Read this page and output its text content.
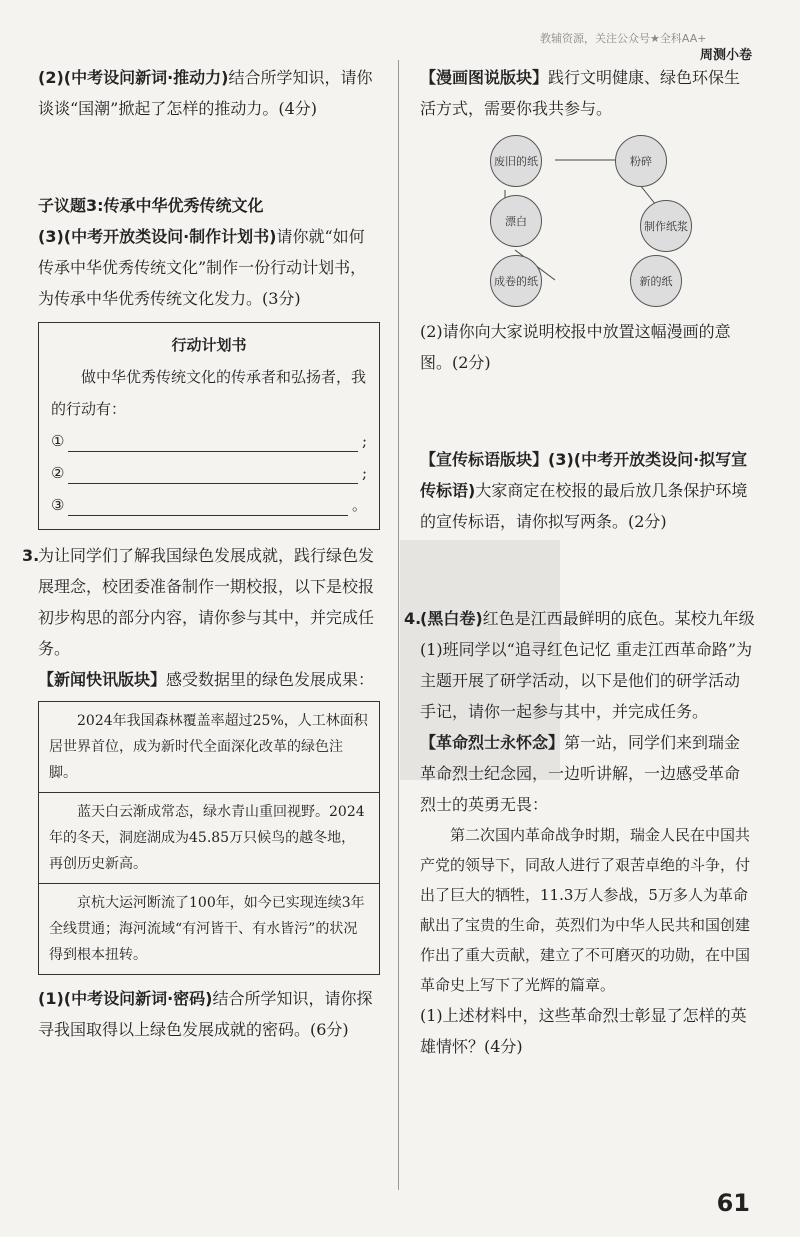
教辅资源，关注公众号★全科AA+
周测小卷

(2)(中考设问新词·推动力)结合所学知识，请你谈谈“国潮”掀起了怎样的推动力。(4分)

子议题3:传承中华优秀传统文化

(3)(中考开放类设问·制作计划书)请你就“如何传承中华优秀传统文化”制作一份行动计划书，为传承中华优秀传统文化发力。(3分)

行动计划书
做中华优秀传统文化的传承者和弘扬者，我的行动有：
①	;
②	;
③	。
3.

为让同学们了解我国绿色发展成就，践行绿色发展理念，校团委准备制作一期校报，以下是校报初步构思的部分内容，请你参与其中，并完成任务。

【新闻快讯版块】感受数据里的绿色发展成果：

2024年我国森林覆盖率超过25%，人工林面积居世界首位，成为新时代全面深化改革的绿色注脚。
蓝天白云渐成常态，绿水青山重回视野。2024年的冬天，洞庭湖成为45.85万只候鸟的越冬地，再创历史新高。
京杭大运河断流了100年，如今已实现连续3年全线贯通；海河流域“有河皆干、有水皆污”的状况得到根本扭转。

(1)(中考设问新词·密码)结合所学知识，请你探寻我国取得以上绿色发展成就的密码。(6分)

【漫画图说版块】践行文明健康、绿色环保生活方式，需要你我共参与。

废旧的纸	粉碎
漂白	制作纸浆
成卷的纸	新的纸

(2)请你向大家说明校报中放置这幅漫画的意图。(2分)

【宣传标语版块】(3)(中考开放类设问·拟写宣传标语)大家商定在校报的最后放几条保护环境的宣传标语，请你拟写两条。(2分)

4.

(黑白卷)红色是江西最鲜明的底色。某校九年级(1)班同学以“追寻红色记忆 重走江西革命路”为主题开展了研学活动，以下是他们的研学活动手记，请你一起参与其中，并完成任务。

【革命烈士永怀念】第一站，同学们来到瑞金革命烈士纪念园，一边听讲解，一边感受革命烈士的英勇无畏：

第二次国内革命战争时期，瑞金人民在中国共产党的领导下，同敌人进行了艰苦卓绝的斗争，付出了巨大的牺牲，11.3万人参战，5万多人为革命献出了宝贵的生命，英烈们为中华人民共和国创建作出了重大贡献，建立了不可磨灭的功勋，在中国革命史上写下了光辉的篇章。

(1)上述材料中，这些革命烈士彰显了怎样的英雄情怀？(4分)

61
